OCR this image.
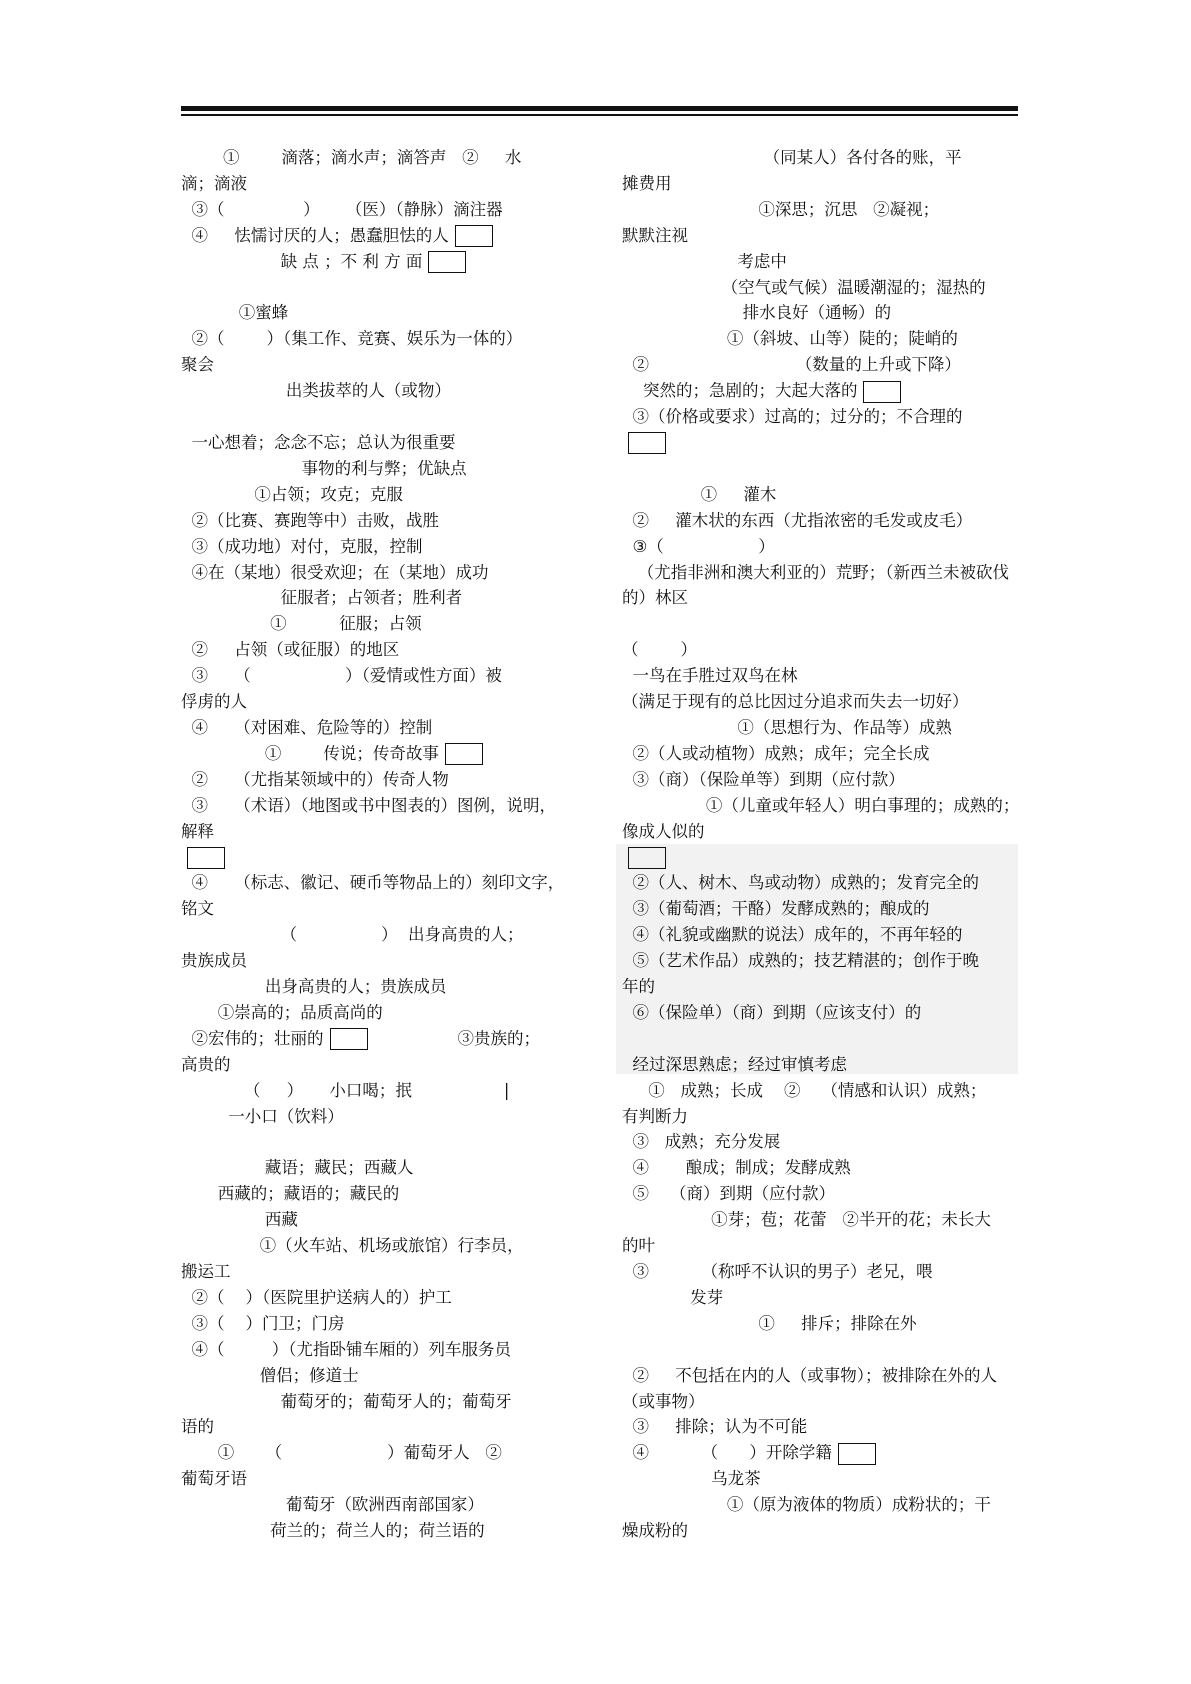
①        滴落；滴水声；滴答声   ②     水
滴；滴液
③（               ）     （医）（静脉）滴注器
④     怯懦讨厌的人；愚蠢胆怯的人
缺 点 ；不 利 方 面
①蜜蜂
②（        ）（集工作、竞赛、娱乐为一体的）
聚会
出类拔萃的人（或物）
一心想着；念念不忘；总认为很重要
事物的利与弊；优缺点
①占领；攻克；克服
②（比赛、赛跑等中）击败，战胜
③（成功地）对付，克服，控制
④在（某地）很受欢迎；在（某地）成功
征服者；占领者；胜利者
①          征服；占领
②     占领（或征服）的地区
③     （                  ）（爱情或性方面）被
俘虏的人
④     （对困难、危险等的）控制
①        传说；传奇故事
②     （尤指某领域中的）传奇人物
③     （术语）（地图或书中图表的）图例，说明，
解释
④     （标志、徽记、硬币等物品上的）刻印文字，
铭文
（                ）  出身高贵的人；
贵族成员
出身高贵的人；贵族成员
①崇高的；品质高尚的
②宏伟的；壮丽的	③贵族的；
高贵的
（     ）     小口喝；抿	|
一小口（饮料）
藏语；藏民；西藏人
西藏的；藏语的；藏民的
西藏
①（火车站、机场或旅馆）行李员，
搬运工
②（    ）（医院里护送病人的）护工
③（    ）门卫；门房
④（         ）（尤指卧铺车厢的）列车服务员
僧侣；修道士
葡萄牙的；葡萄牙人的；葡萄牙
语的
①      （                    ）葡萄牙人   ②
葡萄牙语
葡萄牙（欧洲西南部国家）
荷兰的；荷兰人的；荷兰语的
（同某人）各付各的账，平
摊费用
①深思；沉思   ②凝视；
默默注视
考虑中
（空气或气候）温暖潮湿的；湿热的
排水良好（通畅）的
①（斜坡、山等）陡的；陡峭的
②                            （数量的上升或下降）
突然的；急剧的；大起大落的
③（价格或要求）过高的；过分的；不合理的
①     灌木
②     灌木状的东西（尤指浓密的毛发或皮毛）
③（                  ）
（尤指非洲和澳大利亚的）荒野；（新西兰未被砍伐
的）林区
（        ）
一鸟在手胜过双鸟在林
（满足于现有的总比因过分追求而失去一切好）
①（思想行为、作品等）成熟
②（人或动植物）成熟；成年；完全长成
③（商）（保险单等）到期（应付款）
①（儿童或年轻人）明白事理的；成熟的；
像成人似的
②（人、树木、鸟或动物）成熟的；发育完全的
③（葡萄酒；干酪）发酵成熟的；酿成的
④（礼貌或幽默的说法）成年的，不再年轻的
⑤（艺术作品）成熟的；技艺精湛的；创作于晚
年的
⑥（保险单）（商）到期（应该支付）的
经过深思熟虑；经过审慎考虑
①   成熟；长成    ②    （情感和认识）成熟；
有判断力
③   成熟；充分发展
④       酿成；制成；发酵成熟
⑤    （商）到期（应付款）
①芽；苞；花蕾   ②半开的花；未长大
的叶
③          （称呼不认识的男子）老兄，喂
发芽
①     排斥；排除在外
②     不包括在内的人（或事物）；被排除在外的人
（或事物）
③     排除；认为不可能
④          （      ）开除学籍
乌龙茶
①（原为液体的物质）成粉状的；干
燥成粉的
